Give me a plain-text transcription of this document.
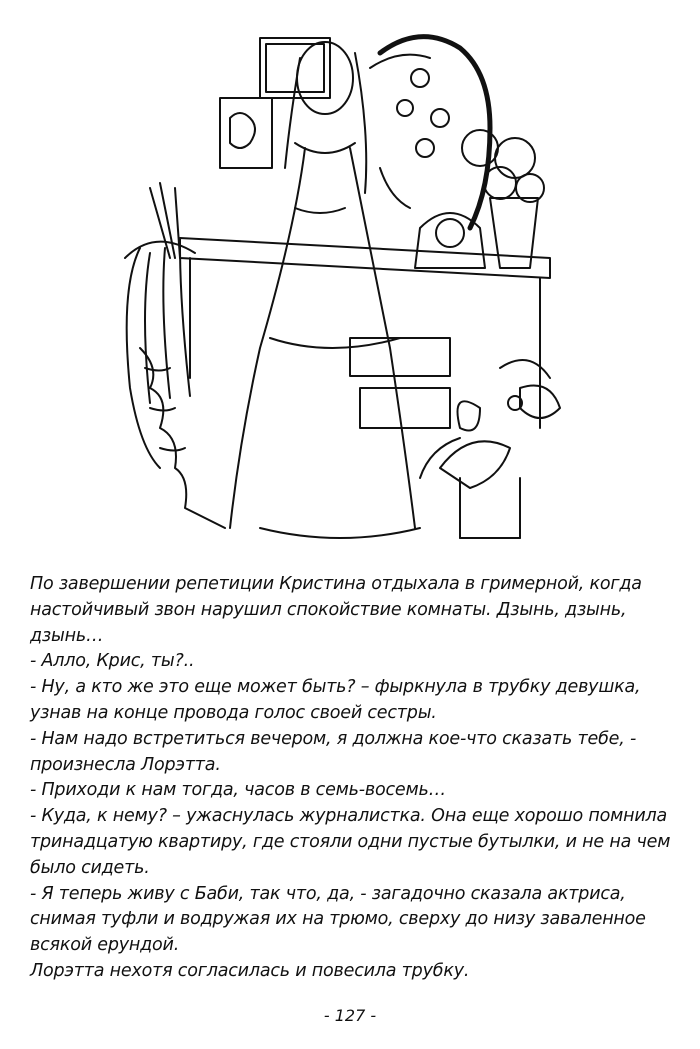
По завершении репетиции Кристина отдыхала в гримерной, когда
настойчивый звон нарушил спокойствие комнаты. Дзынь, дзынь,
дзынь…
- Алло, Крис, ты?..
- Ну, а кто же это еще может быть? – фыркнула в трубку девушка,
узнав на конце провода голос своей сестры.
- Нам надо встретиться вечером, я должна кое-что сказать тебе, -
произнесла Лорэтта.
- Приходи к нам тогда, часов в семь-восемь…
- Куда, к нему? – ужаснулась журналистка. Она еще хорошо помнила
тринадцатую квартиру, где стояли одни пустые бутылки, и не на чем
было сидеть.
- Я теперь живу с Баби, так что, да, - загадочно сказала актриса,
снимая туфли и водружая их на трюмо, сверху до низу заваленное
всякой ерундой.
Лорэтта нехотя согласилась и повесила трубку.
- 127 -
